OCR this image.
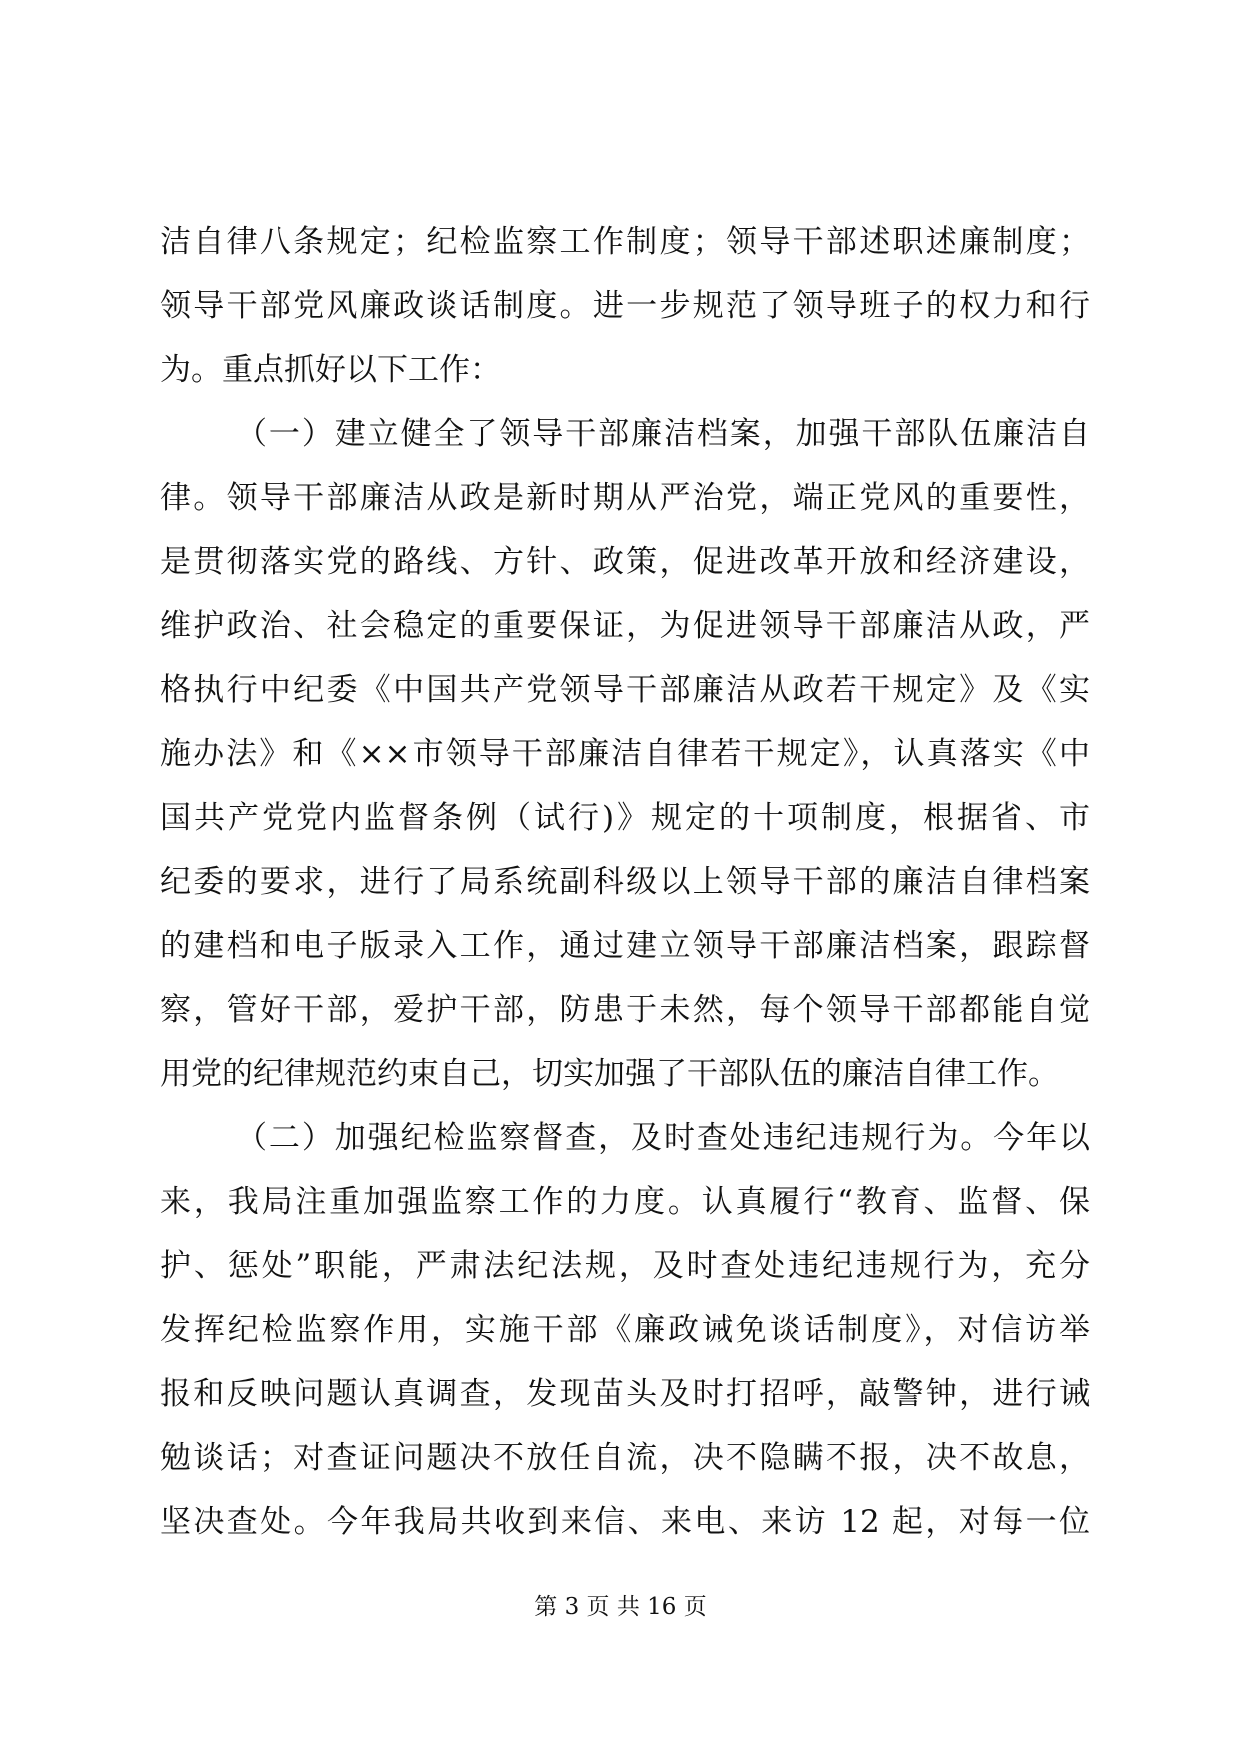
洁自律八条规定；纪检监察工作制度；领导干部述职述廉制度；
领导干部党风廉政谈话制度。进一步规范了领导班子的权力和行
为。重点抓好以下工作：
（一）建立健全了领导干部廉洁档案，加强干部队伍廉洁自
律。领导干部廉洁从政是新时期从严治党，端正党风的重要性，
是贯彻落实党的路线、方针、政策，促进改革开放和经济建设，
维护政治、社会稳定的重要保证，为促进领导干部廉洁从政，严
格执行中纪委《中国共产党领导干部廉洁从政若干规定》及《实
施办法》和《××市领导干部廉洁自律若干规定》，认真落实《中
国共产党党内监督条例（试行)》规定的十项制度，根据省、市
纪委的要求，进行了局系统副科级以上领导干部的廉洁自律档案
的建档和电子版录入工作，通过建立领导干部廉洁档案，跟踪督
察，管好干部，爱护干部，防患于未然，每个领导干部都能自觉
用党的纪律规范约束自己，切实加强了干部队伍的廉洁自律工作。
（二）加强纪检监察督查，及时查处违纪违规行为。今年以
来，我局注重加强监察工作的力度。认真履行“教育、监督、保
护、惩处”职能，严肃法纪法规，及时查处违纪违规行为，充分
发挥纪检监察作用，实施干部《廉政诫免谈话制度》，对信访举
报和反映问题认真调查，发现苗头及时打招呼，敲警钟，进行诫
勉谈话；对查证问题决不放任自流，决不隐瞒不报，决不故息，
坚决查处。今年我局共收到来信、来电、来访 12 起，对每一位
第 3 页 共 16 页
